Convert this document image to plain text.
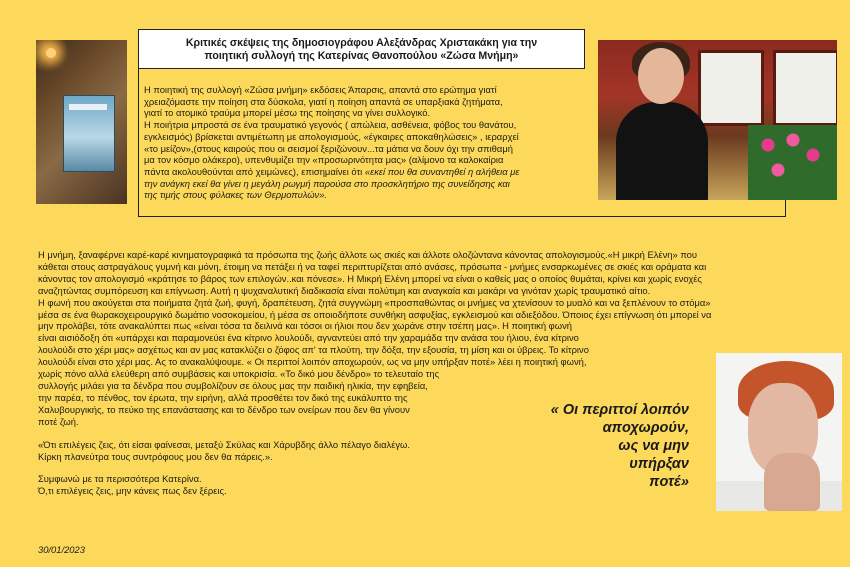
Κριτικές σκέψεις της δημοσιογράφου Αλεξάνδρας Χριστακάκη για την
ποιητική συλλογή της Κατερίνας Θανοπούλου «Ζώσα Μνήμη»
Η ποιητική της συλλογή «Ζώσα μνήμη» εκδόσεις Άπαρσις, απαντά στο ερώτημα γιατί
χρειαζόμαστε την ποίηση στα δύσκολα, γιατί η ποίηση απαντά σε υπαρξιακά ζητήματα,
γιατί το ατομικό τραύμα μπορεί μέσω της ποίησης να γίνει συλλογικό.
Η ποιήτρια μπροστά σε ένα τραυματικό γεγονός ( απώλεια, ασθένεια, φόβος του θανάτου,
εγκλεισμός) βρίσκεται αντιμέτωπη με απολογισμούς, «έγκαιρες αποκαθηλώσεις» , ιεραρχεί
«το μείζον»,(στους καιρούς που οι σεισμοί ξεριζώνουν...τα μάτια να δουν όχι την σπιθαμή
μα τον κόσμο ολάκερο), υπενθυμίζει την «προσωρινότητα μας» (αλίμονο τα καλοκαίρια
πάντα ακολουθούνται από χειμώνες), επισημαίνει ότι «εκεί που θα συναντηθεί η αλήθεια με
την ανάγκη εκεί θα γίνει η μεγάλη ρωγμή παρούσα στο προσκλητήριο της συνείδησης και
της τιμής στους φύλακες των Θερμοπυλών».

Η μνήμη, ξαναφέρνει καρέ-καρέ κινηματογραφικά τα πρόσωπα της ζωής άλλοτε ως σκιές και άλλοτε ολοζώντανα κάνοντας απολογισμούς.«Η μικρή Ελένη» που

κάθεται στους αστραγάλους γυμνή και μόνη, έτοιμη να πετάξει ή να ταφεί περιπτυρίζεται από ανάσες, πρόσωπα - μνήμες ενσαρκωμένες σε σκιές και οράματα και

κάνοντας τον απολογισμό «κράτησε το βάρος των επιλογών..και πόνεσε». Η Μικρή Ελένη μπορεί να είναι ο καθείς μας ο οποίος θυμάται, κρίνει και χωρίς ενοχές

αναζητώντας συμπόρευση και επίγνωση. Αυτή η ψυχαναλυτική διαδικασία είναι πολύτιμη και αναγκαία και μακάρι να γινόταν χωρίς τραυματικό αίτιο.

Η φωνή που ακούγεται στα ποιήματα ζητά ζωή, φυγή, δραπέτευση, ζητά συγγνώμη «προσπαθώντας οι μνήμες να χτενίσουν το μυαλό και να ξεπλένουν το στόμα»

μέσα σε ένα θωρακοχειρουργικό δωμάτιο νοσοκομείου, ή μέσα σε οποιοδήποτε συνθήκη ασφυξίας, εγκλεισμού και αδιεξόδου. Όποιος έχει επίγνωση ότι μπορεί να

μην προλάβει, τότε ανακαλύπτει πως «είναι τόσα τα δειλινά και τόσοι οι ήλιοι που δεν χωράνε στην τσέπη μας». Η ποιητική φωνή

είναι αισιόδοξη ότι «υπάρχει και παραμονεύει ένα κίτρινο λουλούδι, αγναντεύει από την χαραμάδα την ανάσα του ήλιου, ένα κίτρινο

λουλούδι στο χέρι μας» ασχέτως και αν μας κατακλύζει ο ζόφος απ' τα πλούτη, την δόξα, την εξουσία, τη μίση και οι ύβρεις. Το κίτρινο

λουλούδι είναι στο χέρι μας. Ας το ανακαλύψουμε. « Οι περιττοί λοιπόν αποχωρούν, ως να μην υπήρξαν ποτέ» λέει η ποιητική φωνή,

χωρίς πόνο αλλά ελεύθερη από συμβάσεις και υποκρισία. «Το δικό μου δένδρο» το τελευταίο της

συλλογής μιλάει για τα δένδρα που συμβολίζουν σε όλους μας την παιδική ηλικία, την εφηβεία,

την παρέα, το πένθος, τον έρωτα, την ειρήνη, αλλά προσθέτει τον δικό της ευκάλυπτο της

Χαλυβουργικής, το πεύκο της επανάστασης και το δένδρο των ονείρων που δεν θα γίνουν

ποτέ ζωή.

«Ότι επιλέγεις ζεις, ότι είσαι φαίνεσαι, μεταξύ Σκύλας και Χάρυβδης άλλο πέλαγο διαλέγω.

Κίρκη πλανεύτρα τους συντρόφους μου δεν θα πάρεις.».

Συμφωνώ με τα περισσότερα Κατερίνα.

Ό,τι επιλέγεις ζεις, μην κάνεις πως δεν ξέρεις.

« Οι περιττοί λοιπόν
αποχωρούν,
ως να μην
υπήρξαν
ποτέ»
30/01/2023
